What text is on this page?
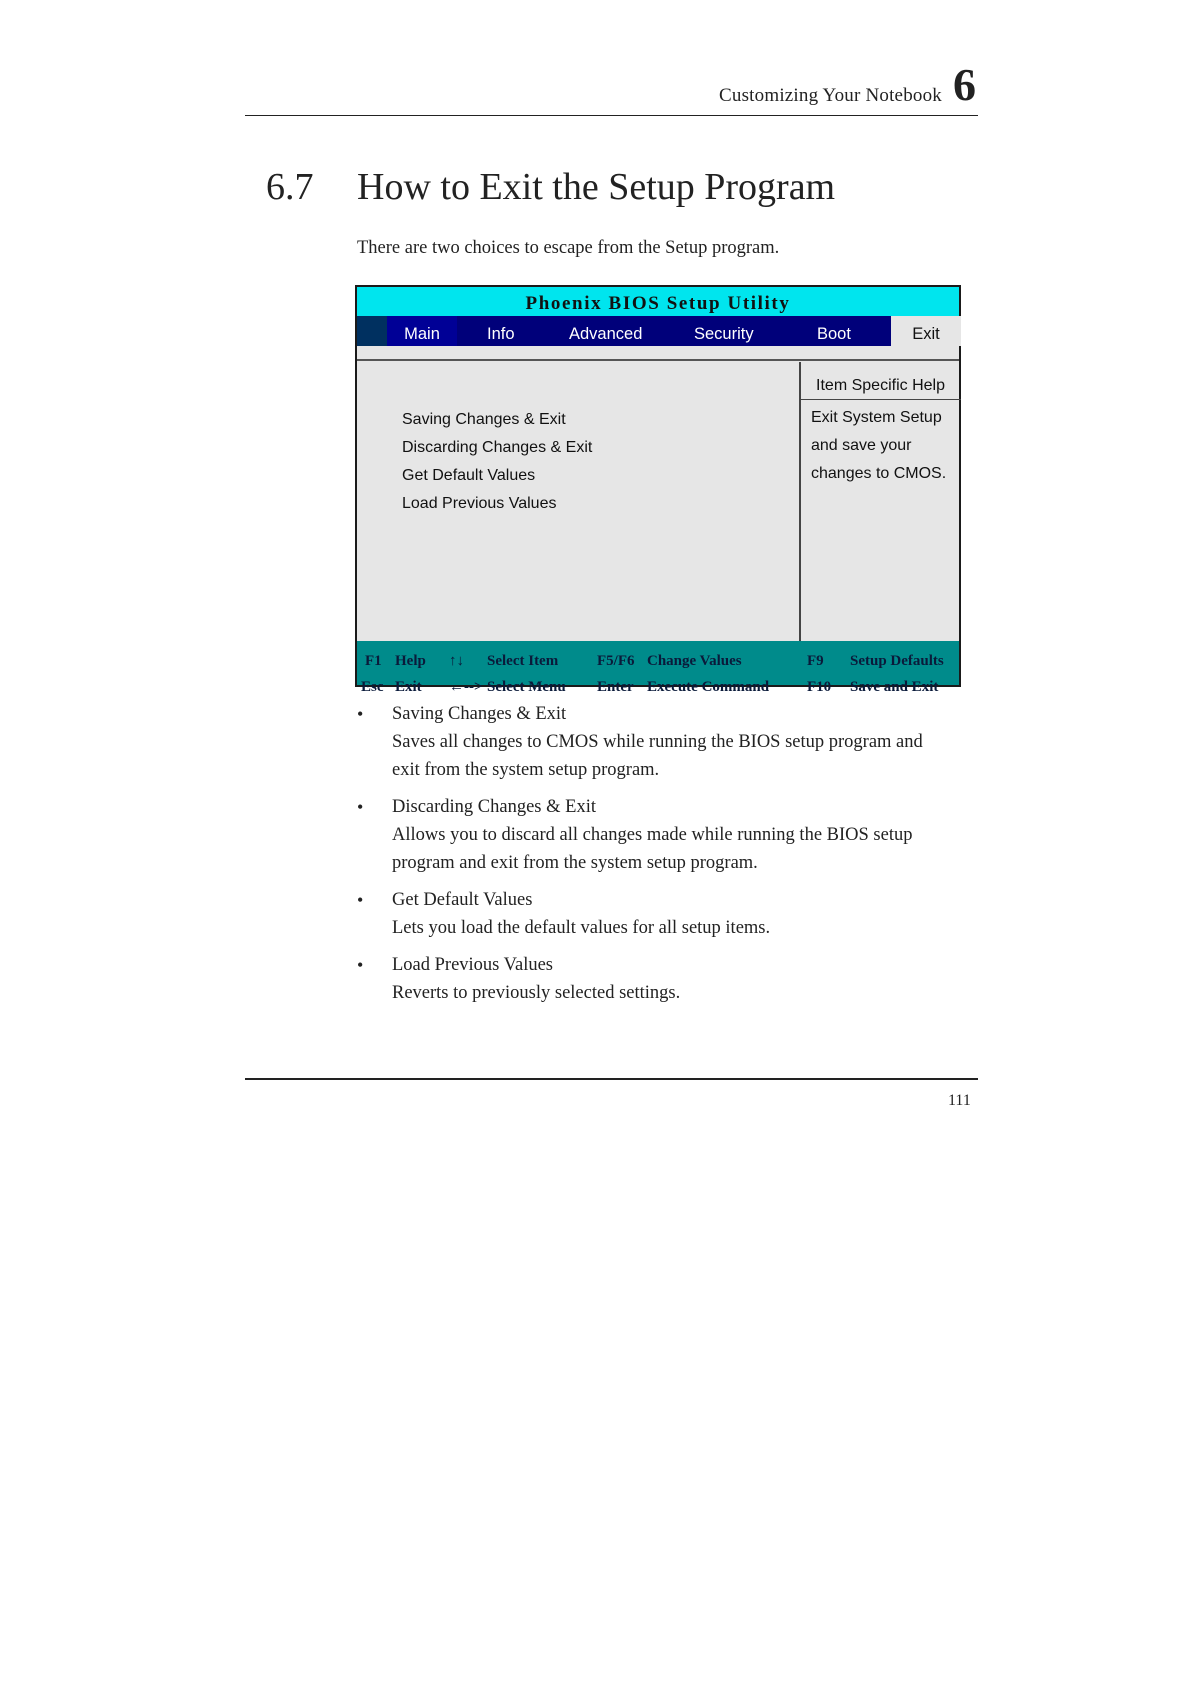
Customizing Your Notebook 6
6.7 How to Exit the Setup Program

There are two choices to escape from the Setup program.

Phoenix BIOS Setup Utility
Main	Info	Advanced	Security	Boot	Exit
Saving Changes & Exit
Discarding Changes & Exit
Get Default Values
Load Previous Values
Item Specific Help
Exit System Setup
and save your
changes to CMOS.
F1 Help ↑↓ Select Item	F5/F6 Change Values	F9 Setup Defaults
Esc Exit ←--> Select Menu Enter Execute Command	F10 Save and Exit
• Saving Changes & Exit
Saves all changes to CMOS while running the BIOS setup program and
exit from the system setup program.
• Discarding Changes & Exit
Allows you to discard all changes made while running the BIOS setup
program and exit from the system setup program.
• Get Default Values
Lets you load the default values for all setup items.
• Load Previous Values
Reverts to previously selected settings.
111
